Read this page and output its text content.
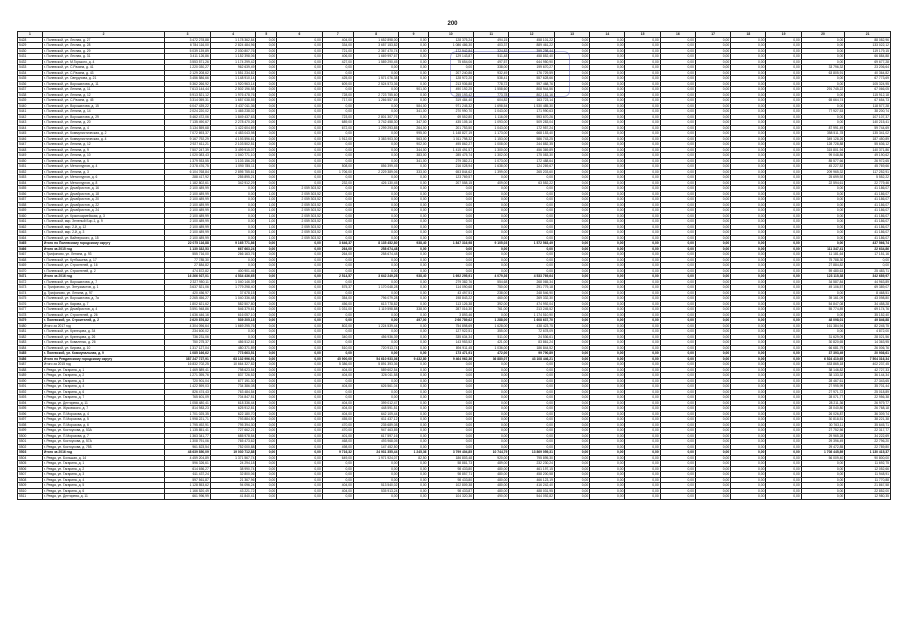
200
1	2	3	4	5	6	7	8	9	10	11	12	13	14	15	16	17	18	19	20	21
5428	г. Полевской, ул. Лесная, д. 27	3 472 278,88	1 178 362,84	0,00	0,00	404,00	1 652 898,00	0,00	128 375,24	494,15	458 101,22	0,00	0,00	0,00	0,00	0,00	0,00	0,00	0,00	88 082,96
5429	г. Полевской, ул. Лесная, д. 28	6 784 116,00	2 824 484,96	0,00	0,00	334,00	3 657 153,82	0,00	1 086 486,30	403,37	889 461,22	0,00	0,00	0,00	0,00	0,00	0,00	0,00	0,00	133 022,12
5430	г. Полевской, ул. Лесная, д. 29	5 039 139,89	2 030 807,76	0,00	0,00	721,00	2 367 470,74	0,00	172 942,84	324,82	399 298,44	0,00	0,00	0,00	0,00	0,00	0,00	0,00	0,00	119 179,15
5431	г. Полевской, ул. Лесная, д. 31	3 411 126,86	1 152 398,06	0,00	0,00	406,00	1 669 997,67	0,00	129 143,87	511,48	458 852,40	0,00	0,00	0,00	0,00	0,00	0,00	0,00	0,00	66 884,88
5432	г. Полевской, ул. М.Горького, д. 4	3 553 571,26	1 174 299,42	0,00	0,00	427,00	1 589 290,45	0,00	75 654,06	497,57	644 950,90	0,00	0,00	0,00	0,00	0,00	0,00	0,00	0,00	69 677,28
5433	г. Полевской, ул. С.Разина, д. 41	1 220 030,27	962 639,49	0,00	0,00	0,00	0,00	0,00	0,00	338,00	199 670,27	0,00	0,00	0,00	0,00	0,00	0,00	0,00	33 796,32	23 206,64
5434	г. Полевской, ул. С.Разина, д. 43	2 129 208,62	1 551 234,82	0,00	0,00	0,00	0,00	0,00	207 240,86	932,49	176 729,59	0,00	0,00	0,00	0,00	0,00	0,00	0,00	63 805,91	40 364,82
5435	г. Полевской, ул. Свердлова, д. 21	3 456 586,66	1 148 910,14	0,00	0,00	425,00	1 571 076,38	0,00	128 972,20	538,41	557 628,66	0,00	0,00	0,00	0,00	0,00	0,00	0,00	0,00	67 773,69
5436	г. Полевской, ул. Ворошилова, д. 11	5 362 266,92	1 920 963,14	0,00	0,00	609,00	2 524 573,36	0,00	213 936,88	778,72	597 468,76	0,00	0,00	0,00	0,00	0,00	0,00	0,00	0,00	105 324,95
5437	г. Полевской, ул. Ленина, д. 11	7 613 144,44	2 502 196,58	0,00	0,00	0,00	0,00	901,00	490 192,25	1 558,60	808 944,56	0,00	0,00	0,00	0,00	0,00	0,00	0,00	291 745,22	67 066,05
5438	г. Полевской, ул. Ленина, д. 12	5 913 521,12	1 976 478,76	0,00	0,00	728,00	2 723 755,60	0,00	255 193,42	773,78	802 181,16	0,00	0,00	0,00	0,00	0,00	0,00	0,00	0,00	115 912,18
5439	г. Полевской, ул. С.Разина, д. 45	3 314 059,31	1 657 038,55	0,00	0,00	717,00	1 266 557,65	0,00	319 484,40	604,82	163 723,14	0,00	0,00	0,00	0,00	0,00	0,00	0,00	65 664,74	67 654,73
5440	г. Полевской, ул. Ворошилова, д. 15	6 047 439,22	3 437 011,36	0,00	0,00	0,00	0,00	584,00	971 245,32	1 698,54	1 530 485,30	0,00	0,00	0,00	0,00	0,00	0,00	0,00	0,00	118 577,28
5441	г. Полевской, ул. Ленина, д. 14	2 024 220,02	1 465 238,02	0,00	0,00	0,00	0,00	341,00	270 990,70	1 043,00	171 990,63	0,00	0,00	0,00	0,00	0,00	0,00	0,00	77 927,53	38 200,74
5442	г. Полевской, ул. Ворошилова, д. 29	5 462 472,06	1 849 437,63	0,00	0,00	723,00	2 801 307,76	0,00	69 552,80	1 116,09	593 670,26	0,00	0,00	0,00	0,00	0,00	0,00	0,00	0,00	107 107,37
5443	г. Полевской, ул. Ленина, д. 20	7 135 490,67	2 278 470,26	0,00	0,00	689,00	3 742 458,30	347,00	435 105,16	1 093,00	509 283,04	0,00	0,00	0,00	0,00	0,00	0,00	0,00	0,00	140 215,41
5444	г. Полевской, ул. Ленина, д. 4	3 134 559,68	1 422 604,69	0,00	0,00	672,00	1 299 293,85	264,00	201 753,50	1 043,00	172 957,24	0,00	0,00	0,00	0,00	0,00	0,00	0,00	87 991,49	59 744,69
5445	г. Полевской, ул. Коммунистическая, д. 2	7 072 693,37	4 483 043,98	0,00	0,00	0,00	0,00	995,00	1 148 827,19	1 173,00	668 153,40	0,00	0,00	0,00	0,00	0,00	0,00	0,00	358 511,78	135 341,02
5446	г. Полевской, ул. Коммунистическая, д. 4	9 167 792,29	4 193 596,61	0,00	0,00	1 912,00	3 383 903,30	563,00	1 011 798,32	1 153,00	586 743,25	0,00	0,00	0,00	0,00	0,00	0,00	0,00	349 128,26	187 450,89
5447	г. Полевской, ул. Ленина, д. 12	2 927 611,21	2 103 502,51	0,00	0,00	0,00	0,00	902,00	495 862,27	1 008,00	244 882,35	0,00	0,00	0,00	0,00	0,00	0,00	0,00	128 728,88	55 636,12
5448	г. Полевской, ул. Ленина, д. 9	7 507 247,39	3 499 915,07	0,00	0,00	0,00	0,00	344,00	1 415 491,57	1 300,00	456 369,89	0,00	0,00	0,00	0,00	0,00	0,00	0,00	315 801,94	140 371,86
5449	г. Полевской, ул. Ленина, д. 10	1 020 083,43	1 040 771,10	0,00	0,00	0,00	0,00	383,00	285 475,74	1 302,00	175 083,30	0,00	0,00	0,00	0,00	0,00	0,00	0,00	99 048,86	49 190,62
5450	г. Полевской, ул. Ленина, д. 5	1 379 933,55	1 103 156,25	0,00	0,00	0,00	0,00	341,00	279 382,21	1 073,00	172 488,64	0,00	0,00	0,00	0,00	0,00	0,00	0,00	85 577,66	26 972,65
5451	г. Полевской, ул. Металлургов, д. 4	2 378 476,75	1 090 785,11	0,00	0,00	508,00	856 399,45	0,00	216 028,94	1 638,00	124 269,67	0,00	0,00	0,00	0,00	0,00	0,00	0,00	45 227,52	45 769,66
5452	г. Полевской, ул. Ленина, д. 3	6 104 768,84	2 895 755,61	0,00	0,00	1 706,00	2 229 389,06	333,00	653 844,62	1 399,00	265 203,60	0,00	0,00	0,00	0,00	0,00	0,00	0,00	209 965,32	117 252,91
5453	г. Полевской, ул. Металлургов, д. 6	288 417,92	255 895,21	0,00	0,00	0,00	0,00	0,00	123 769,57	0,00	0,00	0,00	0,00	0,00	0,00	0,00	0,00	0,00	25 699,92	5 552,22
5454	г. Полевской, ул. Металлургов, д. 8	1 182 802,61	342 912,29	0,00	0,00	232,00	426 130,45	0,00	207 558,15	409,00	63 552,22	0,00	0,00	0,00	0,00	0,00	0,00	0,00	22 594,61	22 779,46
5455	г. Полевской, ул. Декабристов, д. 16	2 100 489,99	0,00	1,00	2 059 303,52	0,00	0,00	0,00	0,00	0,00	0,00	0,00	0,00	0,00	0,00	0,00	0,00	0,00	0,00	41 186,07
5456	г. Полевской, ул. Декабристов, д. 18	2 100 489,99	0,00	1,00	2 059 303,52	0,00	0,00	0,00	0,00	0,00	0,00	0,00	0,00	0,00	0,00	0,00	0,00	0,00	0,00	41 186,07
5457	г. Полевской, ул. Декабристов, д. 20	2 100 489,99	0,00	1,00	2 059 303,52	0,00	0,00	0,00	0,00	0,00	0,00	0,00	0,00	0,00	0,00	0,00	0,00	0,00	0,00	41 186,07
5458	г. Полевской, ул. Декабристов, д. 22	2 100 489,99	0,00	1,00	2 059 303,52	0,00	0,00	0,00	0,00	0,00	0,00	0,00	0,00	0,00	0,00	0,00	0,00	0,00	0,00	41 186,07
5459	г. Полевской, ул. Декабристов, д. 24	2 100 489,99	0,00	1,00	2 059 303,52	0,00	0,00	0,00	0,00	0,00	0,00	0,00	0,00	0,00	0,00	0,00	0,00	0,00	0,00	41 186,07
5460	г. Полевской, ул. Красноармейская, д. 3	2 100 489,99	0,00	1,00	2 059 303,52	0,00	0,00	0,00	0,00	0,00	0,00	0,00	0,00	0,00	0,00	0,00	0,00	0,00	0,00	41 186,07
5461	г. Полевской, мкр. Зеленый Бор-1, д. 9	2 100 489,99	0,00	1,00	2 059 303,52	0,00	0,00	0,00	0,00	0,00	0,00	0,00	0,00	0,00	0,00	0,00	0,00	0,00	0,00	41 186,07
5462	г. Полевской, мкр. 2-й, д. 12	2 100 489,99	0,00	1,00	2 059 303,52	0,00	0,00	0,00	0,00	0,00	0,00	0,00	0,00	0,00	0,00	0,00	0,00	0,00	0,00	41 186,07
5463	г. Полевской, мкр. 2-й, д. 3	2 100 489,99	0,00	1,00	2 059 303,52	0,00	0,00	0,00	0,00	0,00	0,00	0,00	0,00	0,00	0,00	0,00	0,00	0,00	0,00	41 186,07
5464	г. Полевской, ул. Вайнерского, д. 15	2 100 489,99	0,00	1,00	2 059 303,52	0,00	0,00	0,00	0,00	0,00	0,00	0,00	0,00	0,00	0,00	0,00	0,00	0,00	0,00	41 186,07
5465	Итого по Полевскому городскому округу	22 075 116,88	9 165 771,86	0,00	0,00	3 646,37	8 135 452,80	938,40	1 847 316,98	9 105,03	1 572 563,49	0,00	0,00	0,00	0,00	0,00	0,00	0,00	0,00	437 566,74
5466	Итого за 2015 год	1 130 332,53	667 663,24	0,00	0,00	264,00	258 674,48	0,00	0,00	0,00	0,00	0,00	0,00	0,00	0,00	0,00	0,00	0,00	111 347,41	22 634,86
5467	г. Трифоново, ул. Ленина, д. 93	555 716,00	266 163,76	0,00	0,00	264,00	258 674,48	0,00	0,00	0,00	0,00	0,00	0,00	0,00	0,00	0,00	0,00	0,00	11 181,64	17 151,16
5468	г. Полевской, ул. Кутбышева, д. 17	77 785,30	0,00	0,00	0,00	0,00	0,00	0,00	0,00	0,00	0,00	0,00	0,00	0,00	0,00	0,00	0,00	0,00	75 788,30	0,00
5469	г. Полевской, ул. Строителей, д. 16	27 884,82	0,00	0,00	0,00	0,00	0,00	0,00	0,00	0,00	0,00	0,00	0,00	0,00	0,00	0,00	0,00	0,00	27 884,82	0,00
5470	г. Полевской, ул. Строителей, д. 2	474 872,82	400 901,46	0,00	0,00	0,00	0,00	0,00	0,00	0,00	0,00	0,00	0,00	0,00	0,00	0,00	0,00	0,00	59 480,63	25 483,71
5471	Итого за 2016 год	16 266 927,01	4 534 436,65	0,00	0,00	2 514,57	3 642 249,28	938,40	1 692 295,91	4 079,36	4 533 769,64	0,00	0,00	0,00	0,00	0,00	0,00	0,00	123 115,38	342 689,97
5472	г. Полевской, ул. Ворошилова, д. 7	2 327 950,11	1 040 146,39	0,00	0,00	0,00	0,00	0,00	279 382,76	554,68	268 065,34	0,00	0,00	0,00	0,00	0,00	0,00	0,00	34 587,84	44 963,89
5473	с. Трифоново, ул. Энтузиастов, д. 1	3 637 521,06	1 779 298,40	0,00	0,00	575,37	1 170 048,28	0,00	114 090,68	750,00	291 779,18	0,00	0,00	0,00	0,00	0,00	0,00	0,00	49 106,57	69 389,07
5474	д. Трифоново, ул. Ленина, д. 97	420 456,97	37 678,15	0,00	0,00	0,00	0,00	0,00	43 497,51	238,00	248 546,90	0,00	0,00	0,00	0,00	0,00	0,00	0,00	0,00	8 468,51
5475	г. Полевской, ул. Ворошилова, д. 7а	2 265 456,27	1 040 336,48	0,00	0,00	354,00	796 079,28	0,00	198 843,22	460,00	269 332,30	0,00	0,00	0,00	0,00	0,00	0,00	0,00	39 161,09	43 098,80
5476	г. Полевской, ул. Карова, д. 7	1 802 621,62	582 507,80	0,00	0,00	456,00	613 778,82	0,00	113 126,38	392,00	474 992,04	0,00	0,00	0,00	0,00	0,00	0,00	0,00	54 847,08	34 458,28
5477	г. Полевской, ул. Декабристов, д. 4	3 591 948,86	546 379,61	0,00	0,00	1 031,00	1 119 598,88	338,00	287 016,30	761,00	213 245,52	0,00	0,00	0,00	0,00	0,00	0,00	0,00	55 774,89	69 174,76
5478	г. Полевской, ул. Строителей, д. 26	1 636 446,16	616 057,10	0,00	0,00	0,00	0,00	0,00	3 893,46	0,00	1 174 510,90	0,00	0,00	0,00	0,00	0,00	0,00	0,00	0,00	35 152,40
5479	г. Полевской, ул. Строителей, д. 2	2 620 876,82	539 205,18	0,00	0,00	0,00	0,00	497,00	2 66 789,62	1 288,00	1 608 637,70	0,00	0,00	0,00	0,00	0,00	0,00	0,00	48 098,01	49 846,88
5480	Итого за 2017 год	4 304 096,64	1 669 295,76	0,00	0,00	802,00	1 224 539,44	0,00	754 898,69	1 628,00	438 423,75	0,00	0,00	0,00	0,00	0,00	0,00	0,00	161 384,94	82 245,75
5481	г. Полевской, ул. Кузнецова, д. 34	234 600,02	0,00	0,00	0,00	0,00	0,00	0,00	127 922,51	355,00	72 678,09	0,00	0,00	0,00	0,00	0,00	0,00	0,00	0,00	4 872,00
5482	г. Полевской, ул. Кузнецова, д. 26	736 231,06	0,00	0,00	0,00	340,00	456 936,39	0,00	335 634,34	511,00	24 536,61	0,00	0,00	0,00	0,00	0,00	0,00	0,00	31 629,09	28 021,56
5483	г. Полевской, ул. Коваленко, д. 26	750 275,37	486 512,61	0,00	0,00	0,00	0,00	0,00	143 953,52	421,00	83 861,24	0,00	0,00	0,00	0,00	0,00	0,00	0,00	30 820,65	14 363,95
5484	г. Полевской, ул. Кирова, д. 10	1 317 127,04	480 371,89	0,00	0,00	510,00	720 913,74	0,00	894 911,45	1 036,00	186 844,52	0,00	0,00	0,00	0,00	0,00	0,00	0,00	66 681,79	26 006,76
5485	г. Полевской, ул. Коммунальная, д. 9	1 085 166,62	773 663,51	0,00	0,00	0,00	0,00	0,00	173 471,91	472,00	99 790,89	0,00	0,00	0,00	0,00	0,00	0,00	0,00	37 393,49	20 936,61
5486	Итого по Ревдинскому городскому округу	387 247 727,91	63 132 996,91	0,00	0,00	45 900,00	54 610 933,36	9 432,80	9 464 962,36	36 880,07	43 108 446,21	0,00	0,00	0,00	0,00	0,00	0,00	0,00	6 524 410,65	7 504 316,34
5487	Итого за 2015 год	16 832 702,25	10 664 327,82	0,00	0,00	5 386,00	5 891 393,36	0,00	0,00	0,00	0,00	0,00	0,00	0,00	0,00	0,00	0,00	0,00	433 865,18	402 237,45
5488	г. Ревда, ул. Гагарина, д. 1	1 469 589,41	798 623,54	0,00	0,00	404,00	589 602,54	0,00	0,00	0,00	0,00	0,00	0,00	0,00	0,00	0,00	0,00	0,00	38 146,82	42 727,33
5489	г. Ревда, ул. Гагарина, д. 2	1 271 395,76	837 726,52	0,00	0,00	404,00	326 011,58	0,00	0,00	0,00	0,00	0,00	0,00	0,00	0,00	0,00	0,00	0,00	38 133,32	36 144,34
5490	г. Ревда, ул. Гагарина, д. 3	720 901,04	677 191,30	0,00	0,00	0,00	0,00	0,00	0,00	0,00	0,00	0,00	0,00	0,00	0,00	0,00	0,00	0,00	28 467,61	27 343,65
5491	г. Ревда, ул. Гагарина, д. 4	1 422 599,03	734 386,08	0,00	0,00	404,00	626 561,04	0,00	0,00	0,00	0,00	0,00	0,00	0,00	0,00	0,00	0,00	0,00	27 995,99	35 701,44
5492	г. Ревда, ул. Гагарина, д. 6	826 474,43	763 484,54	0,00	0,00	0,00	0,00	0,00	0,00	0,00	0,00	0,00	0,00	0,00	0,00	0,00	0,00	0,00	27 971,72	25 018,89
5493	г. Ревда, ул. Гагарина, д. 7	765 601,09	704 847,51	0,00	0,00	0,00	0,00	0,00	0,00	0,00	0,00	0,00	0,00	0,00	0,00	0,00	0,00	0,00	28 071,77	22 956,38
5494	г. Ревда, ул. Дегтярева, д. 11	1 058 480,41	618 336,44	0,00	0,00	404,00	399 012,47	0,00	0,00	0,00	0,00	0,00	0,00	0,00	0,00	0,00	0,00	0,00	28 211,36	26 979,77
5495	г. Ревда, ул. Жуковского, д. 7	814 983,23	625 912,81	0,00	0,00	404,00	448 591,51	0,00	0,00	0,00	0,00	0,00	0,00	0,00	0,00	0,00	0,00	0,00	28 040,80	26 768,18
5496	г. Ревда, ул. П.Морозова, д. 4	1 701 025,35	622 180,70	0,00	0,00	404,00	642 109,44	0,00	0,00	0,00	0,00	0,00	0,00	0,00	0,00	0,00	0,00	0,00	26 026,87	36 309,74
5497	г. Ревда, ул. П.Морозова, д. 5	1 998 221,71	793 884,50	0,00	0,00	455,00	611 437,12	0,00	0,00	0,00	0,00	0,00	0,00	0,00	0,00	0,00	0,00	0,00	30 818,51	38 221,38
5498	г. Ревда, ул. П.Морозова, д. 6	1 795 492,91	795 394,30	0,00	0,00	470,00	235 689,08	0,00	0,00	0,00	0,00	0,00	0,00	0,00	0,00	0,00	0,00	0,00	30 763,11	35 645,71
5499	г. Ревда, ул. Костоусова, д. 53А	1 135 851,41	727 662,21	0,00	0,00	470,00	947 463,85	0,00	0,00	0,00	0,00	0,00	0,00	0,00	0,00	0,00	0,00	0,00	27 752,56	22 317,77
5500	г. Ревда, ул. П.Морозова, д. 7	1 363 341,77	685 978,54	0,00	0,00	401,00	617 597,16	0,00	0,00	0,00	0,00	0,00	0,00	0,00	0,00	0,00	0,00	0,00	29 965,28	34 222,69
5501	г. Ревда, ул. Костоусова, д. 57А	1 308 791,06	765 473,62	0,00	0,00	468,00	493 968,05	0,00	0,00	0,00	0,00	0,00	0,00	0,00	0,00	0,00	0,00	0,00	29 396,49	22 796,20
5502	г. Ревда, ул. Костоусова, д. 75Б	961 823,54	752 000,88	0,00	0,00	498,00	147 452,50	0,00	0,00	0,00	0,00	0,00	0,00	0,00	0,00	0,00	0,00	0,00	29 472,85	22 789,80
5503	Итого за 2016 год	48 639 850,09	19 030 712,88	0,00	0,00	9 716,32	24 931 355,44	1 245,36	3 799 404,85	10 744,79	13 869 059,31	0,00	0,00	0,00	0,00	0,00	0,00	0,00	1 708 445,89	1 130 415,37
5504	г. Ревда, ул. Большая, д. 14	4 459 204,89	1 371 567,74	0,00	0,00	649,00	1 971 924,07	82,50	186 803,48	920,00	795 895,30	0,00	0,00	0,00	0,00	0,00	0,00	0,00	56 009,40	90 800,00
5505	г. Ревда, ул. Гагарина, д. 1	596 326,61	24 294,18	0,00	0,00	0,00	0,00	0,00	58 881,73	489,00	232 230,24	0,00	0,00	0,00	0,00	0,00	0,00	0,00	0,00	11 692,75
5506	г. Ревда, ул. Гагарина, д. 2	614 656,27	38 990,74	0,00	0,00	0,00	0,00	0,00	98 433,80	480,00	461 197,15	0,00	0,00	0,00	0,00	0,00	0,00	0,00	0,00	12 052,66
5507	г. Ревда, ул. Гагарина, д. 3	611 437,24	32 800,06	0,00	0,00	0,00	0,00	0,00	98 857,71	480,00	458 200,58	0,00	0,00	0,00	0,00	0,00	0,00	0,00	0,00	11 948,91
5508	г. Ревда, ул. Гагарина, д. 4	597 561,87	21 367,96	0,00	0,00	0,00	0,00	0,00	98 433,80	480,00	466 123,19	0,00	0,00	0,00	0,00	0,00	0,00	0,00	0,00	11 770,88
5509	г. Ревда, ул. Гагарина, д. 5	1 128 553,62	94 096,24	0,00	0,00	404,00	513 540,02	0,00	102 809,38	480,00	416 242,40	0,00	0,00	0,00	0,00	0,00	0,00	0,00	0,00	21 867,58
5510	г. Ревда, ул. Гагарина, д. 6	1 166 520,49	43 221,72	0,00	0,00	404,00	535 913,24	0,00	98 433,87	480,00	488 031,95	0,00	0,00	0,00	0,00	0,00	0,00	0,00	0,00	22 852,00
5511	г. Ревда, ул. Дегтярева, д. 11	661 996,99	41 840,41	0,00	0,00	0,00	0,00	0,00	104 320,36	490,00	544 092,82	0,00	0,00	0,00	0,00	0,00	0,00	0,00	0,00	12 980,35
